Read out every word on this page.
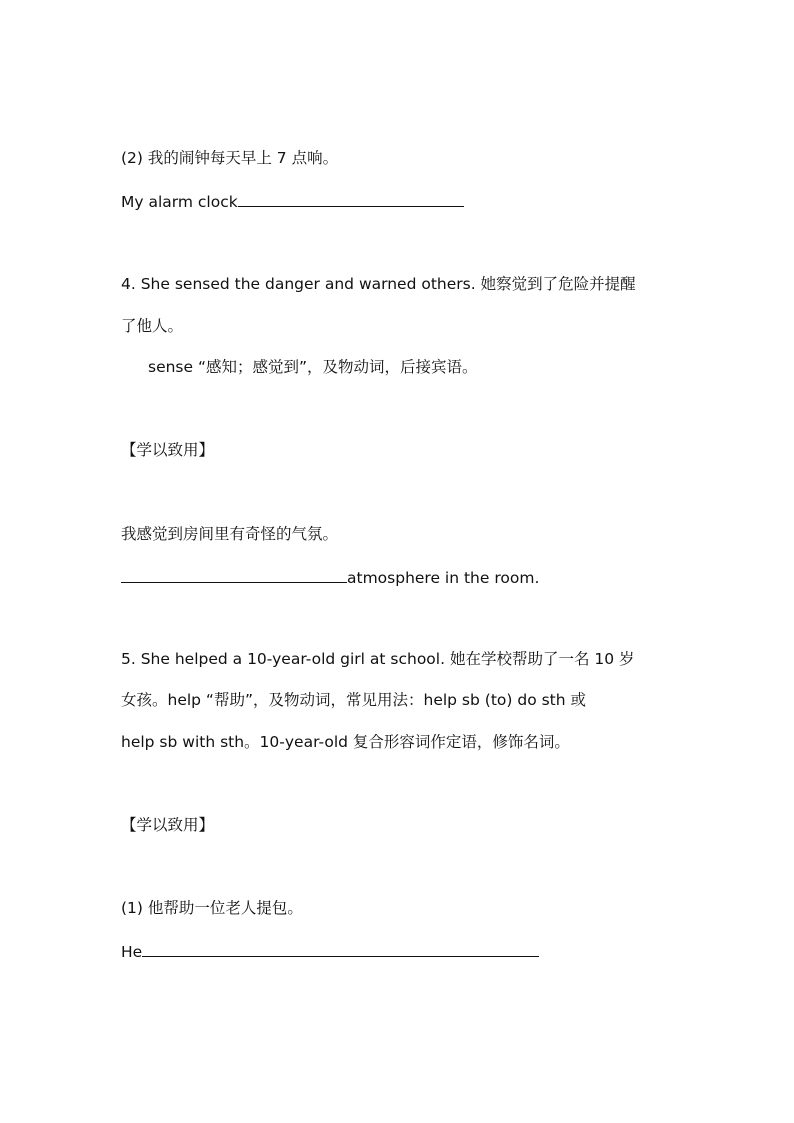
(2) 我的闹钟每天早上 7 点响。
My alarm clock
4. She sensed the danger and warned others. 她察觉到了危险并提醒
了他人。
sense “感知；感觉到”，及物动词，后接宾语。
【学以致用】
我感觉到房间里有奇怪的气氛。
atmosphere in the room.
5. She helped a 10-year-old girl at school. 她在学校帮助了一名 10 岁
女孩。help “帮助”，及物动词，常见用法：help sb (to) do sth 或
help sb with sth。10-year-old 复合形容词作定语，修饰名词。
【学以致用】
(1) 他帮助一位老人提包。
He
